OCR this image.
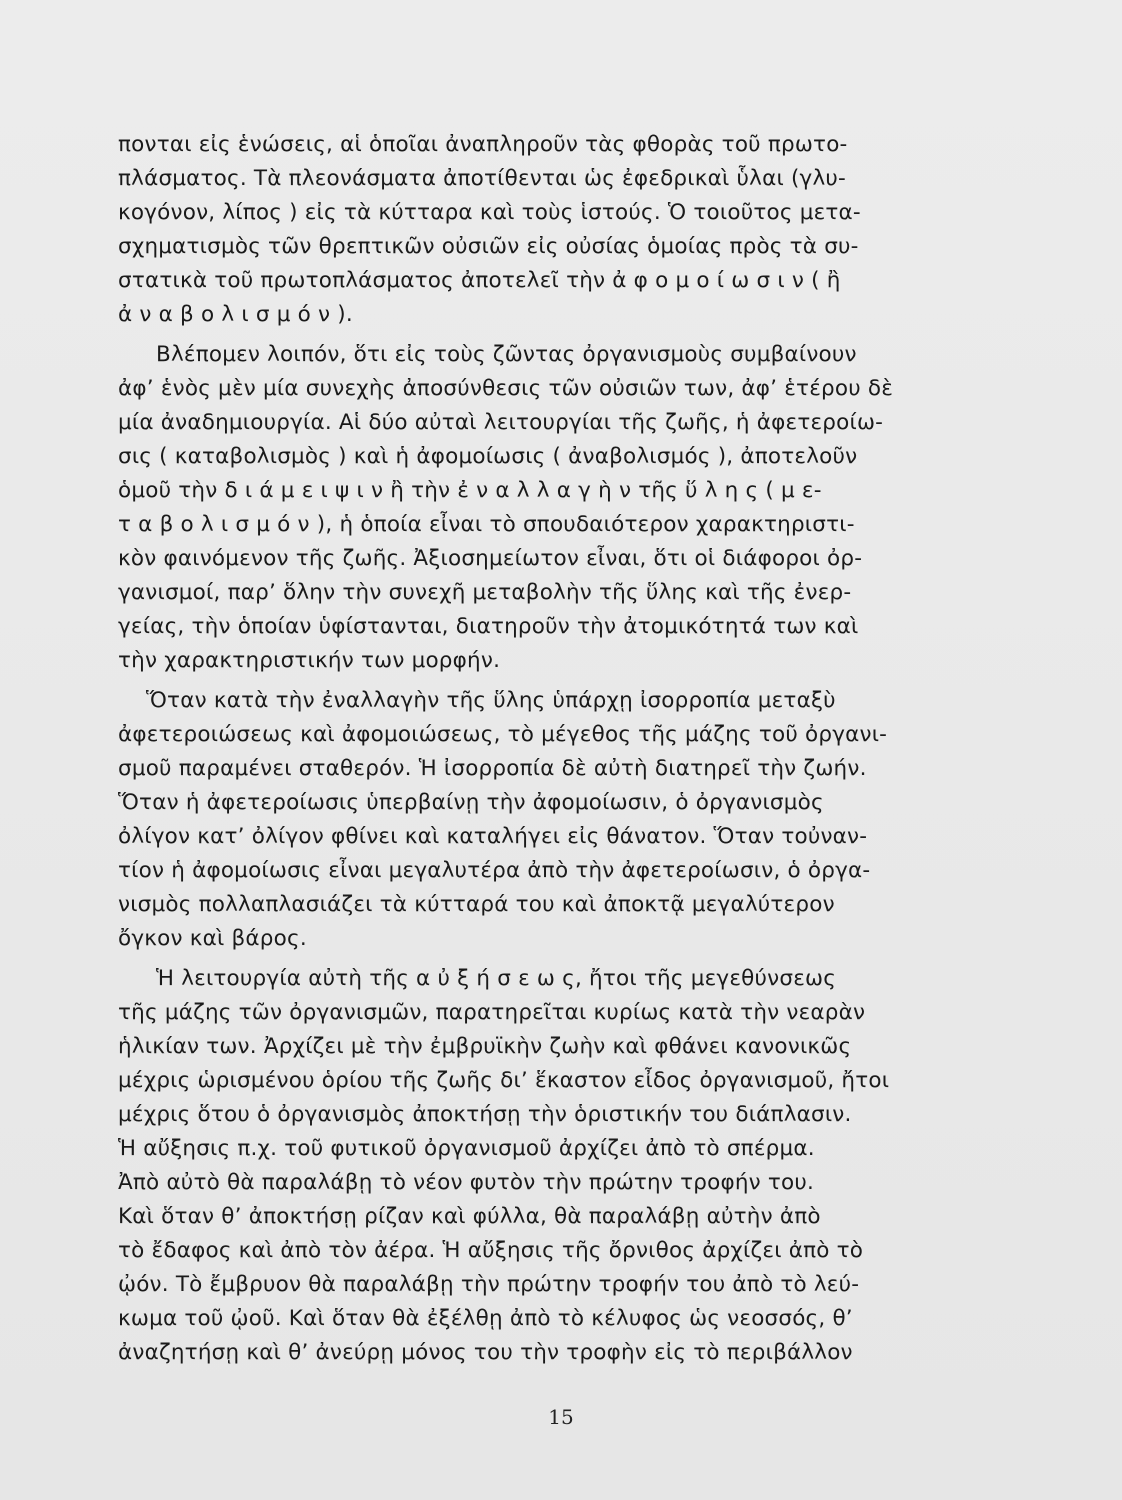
πονται εἰς ἑνώσεις, αἱ ὁποῖαι ἀναπληροῦν τὰς φθορὰς τοῦ πρωτο-
πλάσματος. Τὰ πλεονάσματα ἀποτίθενται ὡς ἐφεδρικαὶ ὗλαι (γλυ-
κογόνον, λίπος ) εἰς τὰ κύτταρα καὶ τοὺς ἱστούς. Ὁ τοιοῦτος μετα-
σχηματισμὸς τῶν θρεπτικῶν οὐσιῶν εἰς οὐσίας ὁμοίας πρὸς τὰ συ-
στατικὰ τοῦ πρωτοπλάσματος ἀποτελεῖ τὴν ἀ φ ο μ ο ί ω σ ι ν ( ἢ
ἀ ν α β ο λ ι σ μ ό ν ).
Βλέπομεν λοιπόν, ὅτι εἰς τοὺς ζῶντας ὀργανισμοὺς συμβαίνουν
ἀφ’ ἑνὸς μὲν μία συνεχὴς ἀποσύνθεσις τῶν οὐσιῶν των, ἀφ’ ἑτέρου δὲ
μία ἀναδημιουργία. Αἱ δύο αὐταὶ λειτουργίαι τῆς ζωῆς, ἡ ἀφετεροίω-
σις ( καταβολισμὸς ) καὶ ἡ ἀφομοίωσις ( ἀναβολισμός ), ἀποτελοῦν
ὁμοῦ τὴν δ ι ά μ ε ι ψ ι ν ἢ τὴν ἐ ν α λ λ α γ ὴ ν τῆς ὕ λ η ς ( μ ε-
τ α β ο λ ι σ μ ό ν ), ἡ ὁποία εἶναι τὸ σπουδαιότερον χαρακτηριστι-
κὸν φαινόμενον τῆς ζωῆς. Ἀξιοσημείωτον εἶναι, ὅτι οἱ διάφοροι ὀρ-
γανισμοί, παρ’ ὅλην τὴν συνεχῆ μεταβολὴν τῆς ὕλης καὶ τῆς ἐνερ-
γείας, τὴν ὁποίαν ὑφίστανται, διατηροῦν τὴν ἀτομικότητά των καὶ
τὴν χαρακτηριστικήν των μορφήν.
Ὅταν κατὰ τὴν ἐναλλαγὴν τῆς ὕλης ὑπάρχῃ ἰσορροπία μεταξὺ
ἀφετεροιώσεως καὶ ἀφομοιώσεως, τὸ μέγεθος τῆς μάζης τοῦ ὀργανι-
σμοῦ παραμένει σταθερόν. Ἡ ἰσορροπία δὲ αὐτὴ διατηρεῖ τὴν ζωήν.
Ὅταν ἡ ἀφετεροίωσις ὑπερβαίνῃ τὴν ἀφομοίωσιν, ὁ ὀργανισμὸς
ὀλίγον κατ’ ὀλίγον φθίνει καὶ καταλήγει εἰς θάνατον. Ὅταν τοὐναν-
τίον ἡ ἀφομοίωσις εἶναι μεγαλυτέρα ἀπὸ τὴν ἀφετεροίωσιν, ὁ ὀργα-
νισμὸς πολλαπλασιάζει τὰ κύτταρά του καὶ ἀποκτᾷ μεγαλύτερον
ὄγκον καὶ βάρος.
Ἡ λειτουργία αὐτὴ τῆς α ὐ ξ ή σ ε ω ς, ἤτοι τῆς μεγεθύνσεως
τῆς μάζης τῶν ὀργανισμῶν, παρατηρεῖται κυρίως κατὰ τὴν νεαρὰν
ἡλικίαν των. Ἀρχίζει μὲ τὴν ἐμβρυϊκὴν ζωὴν καὶ φθάνει κανονικῶς
μέχρις ὡρισμένου ὁρίου τῆς ζωῆς δι’ ἕκαστον εἶδος ὀργανισμοῦ, ἤτοι
μέχρις ὅτου ὁ ὀργανισμὸς ἀποκτήσῃ τὴν ὁριστικήν του διάπλασιν.
Ἡ αὔξησις π.χ. τοῦ φυτικοῦ ὀργανισμοῦ ἀρχίζει ἀπὸ τὸ σπέρμα.
Ἀπὸ αὐτὸ θὰ παραλάβῃ τὸ νέον φυτὸν τὴν πρώτην τροφήν του.
Καὶ ὅταν θ’ ἀποκτήσῃ ρίζαν καὶ φύλλα, θὰ παραλάβῃ αὐτὴν ἀπὸ
τὸ ἔδαφος καὶ ἀπὸ τὸν ἀέρα. Ἡ αὔξησις τῆς ὄρνιθος ἀρχίζει ἀπὸ τὸ
ᾠόν. Τὸ ἔμβρυον θὰ παραλάβῃ τὴν πρώτην τροφήν του ἀπὸ τὸ λεύ-
κωμα τοῦ ᾠοῦ. Καὶ ὅταν θὰ ἐξέλθῃ ἀπὸ τὸ κέλυφος ὡς νεοσσός, θ’
ἀναζητήσῃ καὶ θ’ ἀνεύρῃ μόνος του τὴν τροφὴν εἰς τὸ περιβάλλον
15
